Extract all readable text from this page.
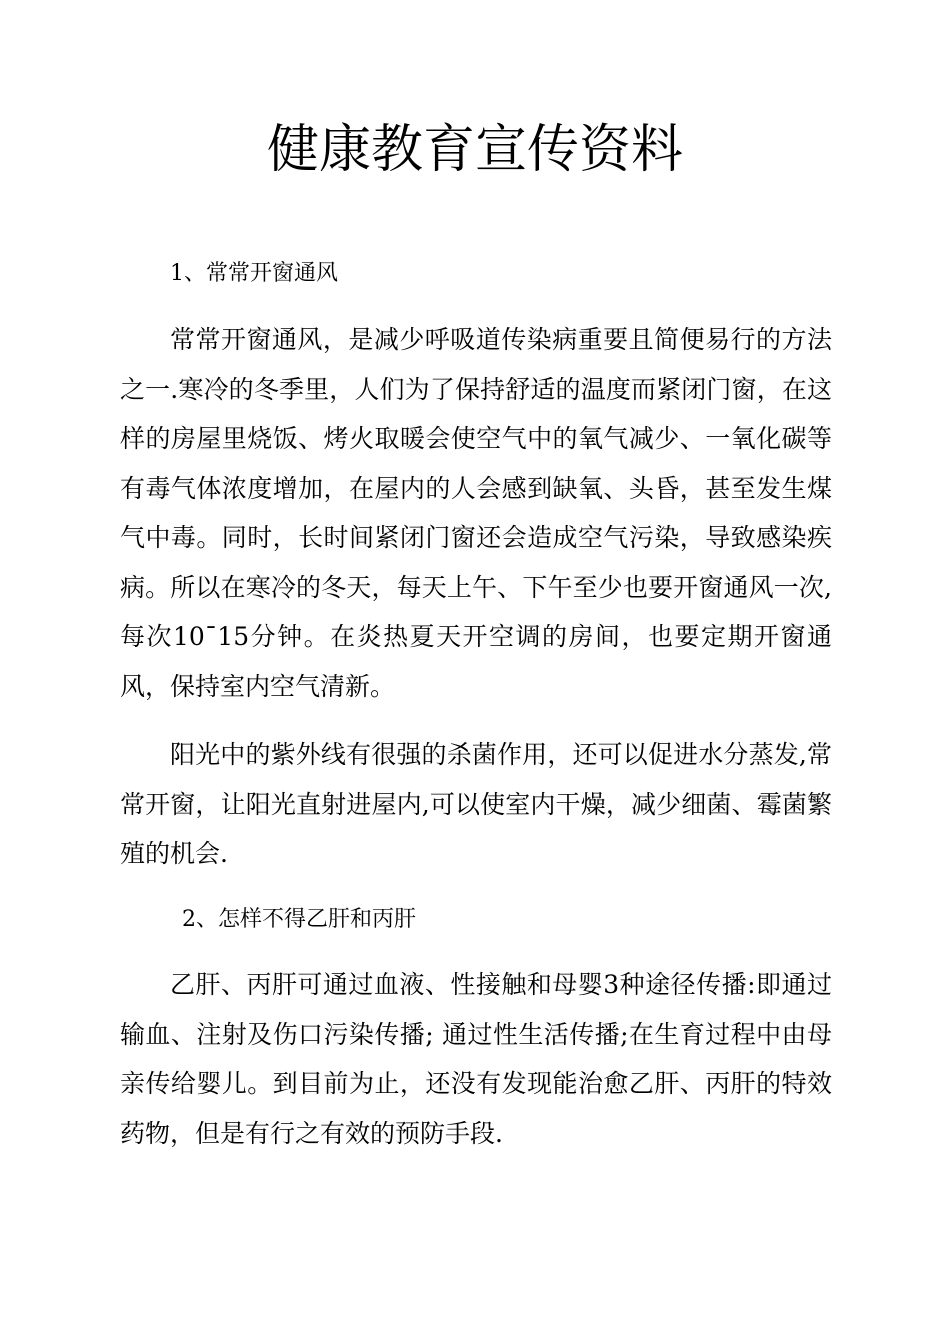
健康教育宣传资料

1、常常开窗通风

常常开窗通风，是减少呼吸道传染病重要且简便易行的方法之一.寒冷的冬季里，人们为了保持舒适的温度而紧闭门窗，在这样的房屋里烧饭、烤火取暖会使空气中的氧气减少、一氧化碳等有毒气体浓度增加，在屋内的人会感到缺氧、头昏，甚至发生煤气中毒。同时，长时间紧闭门窗还会造成空气污染，导致感染疾病。所以在寒冷的冬天，每天上午、下午至少也要开窗通风一次,每次10¯15分钟。在炎热夏天开空调的房间，也要定期开窗通风，保持室内空气清新。

阳光中的紫外线有很强的杀菌作用，还可以促进水分蒸发,常常开窗，让阳光直射进屋内,可以使室内干燥，减少细菌、霉菌繁殖的机会.

2、怎样不得乙肝和丙肝

乙肝、丙肝可通过血液、性接触和母婴3种途径传播:即通过输血、注射及伤口污染传播; 通过性生活传播;在生育过程中由母亲传给婴儿。到目前为止，还没有发现能治愈乙肝、丙肝的特效药物，但是有行之有效的预防手段.
